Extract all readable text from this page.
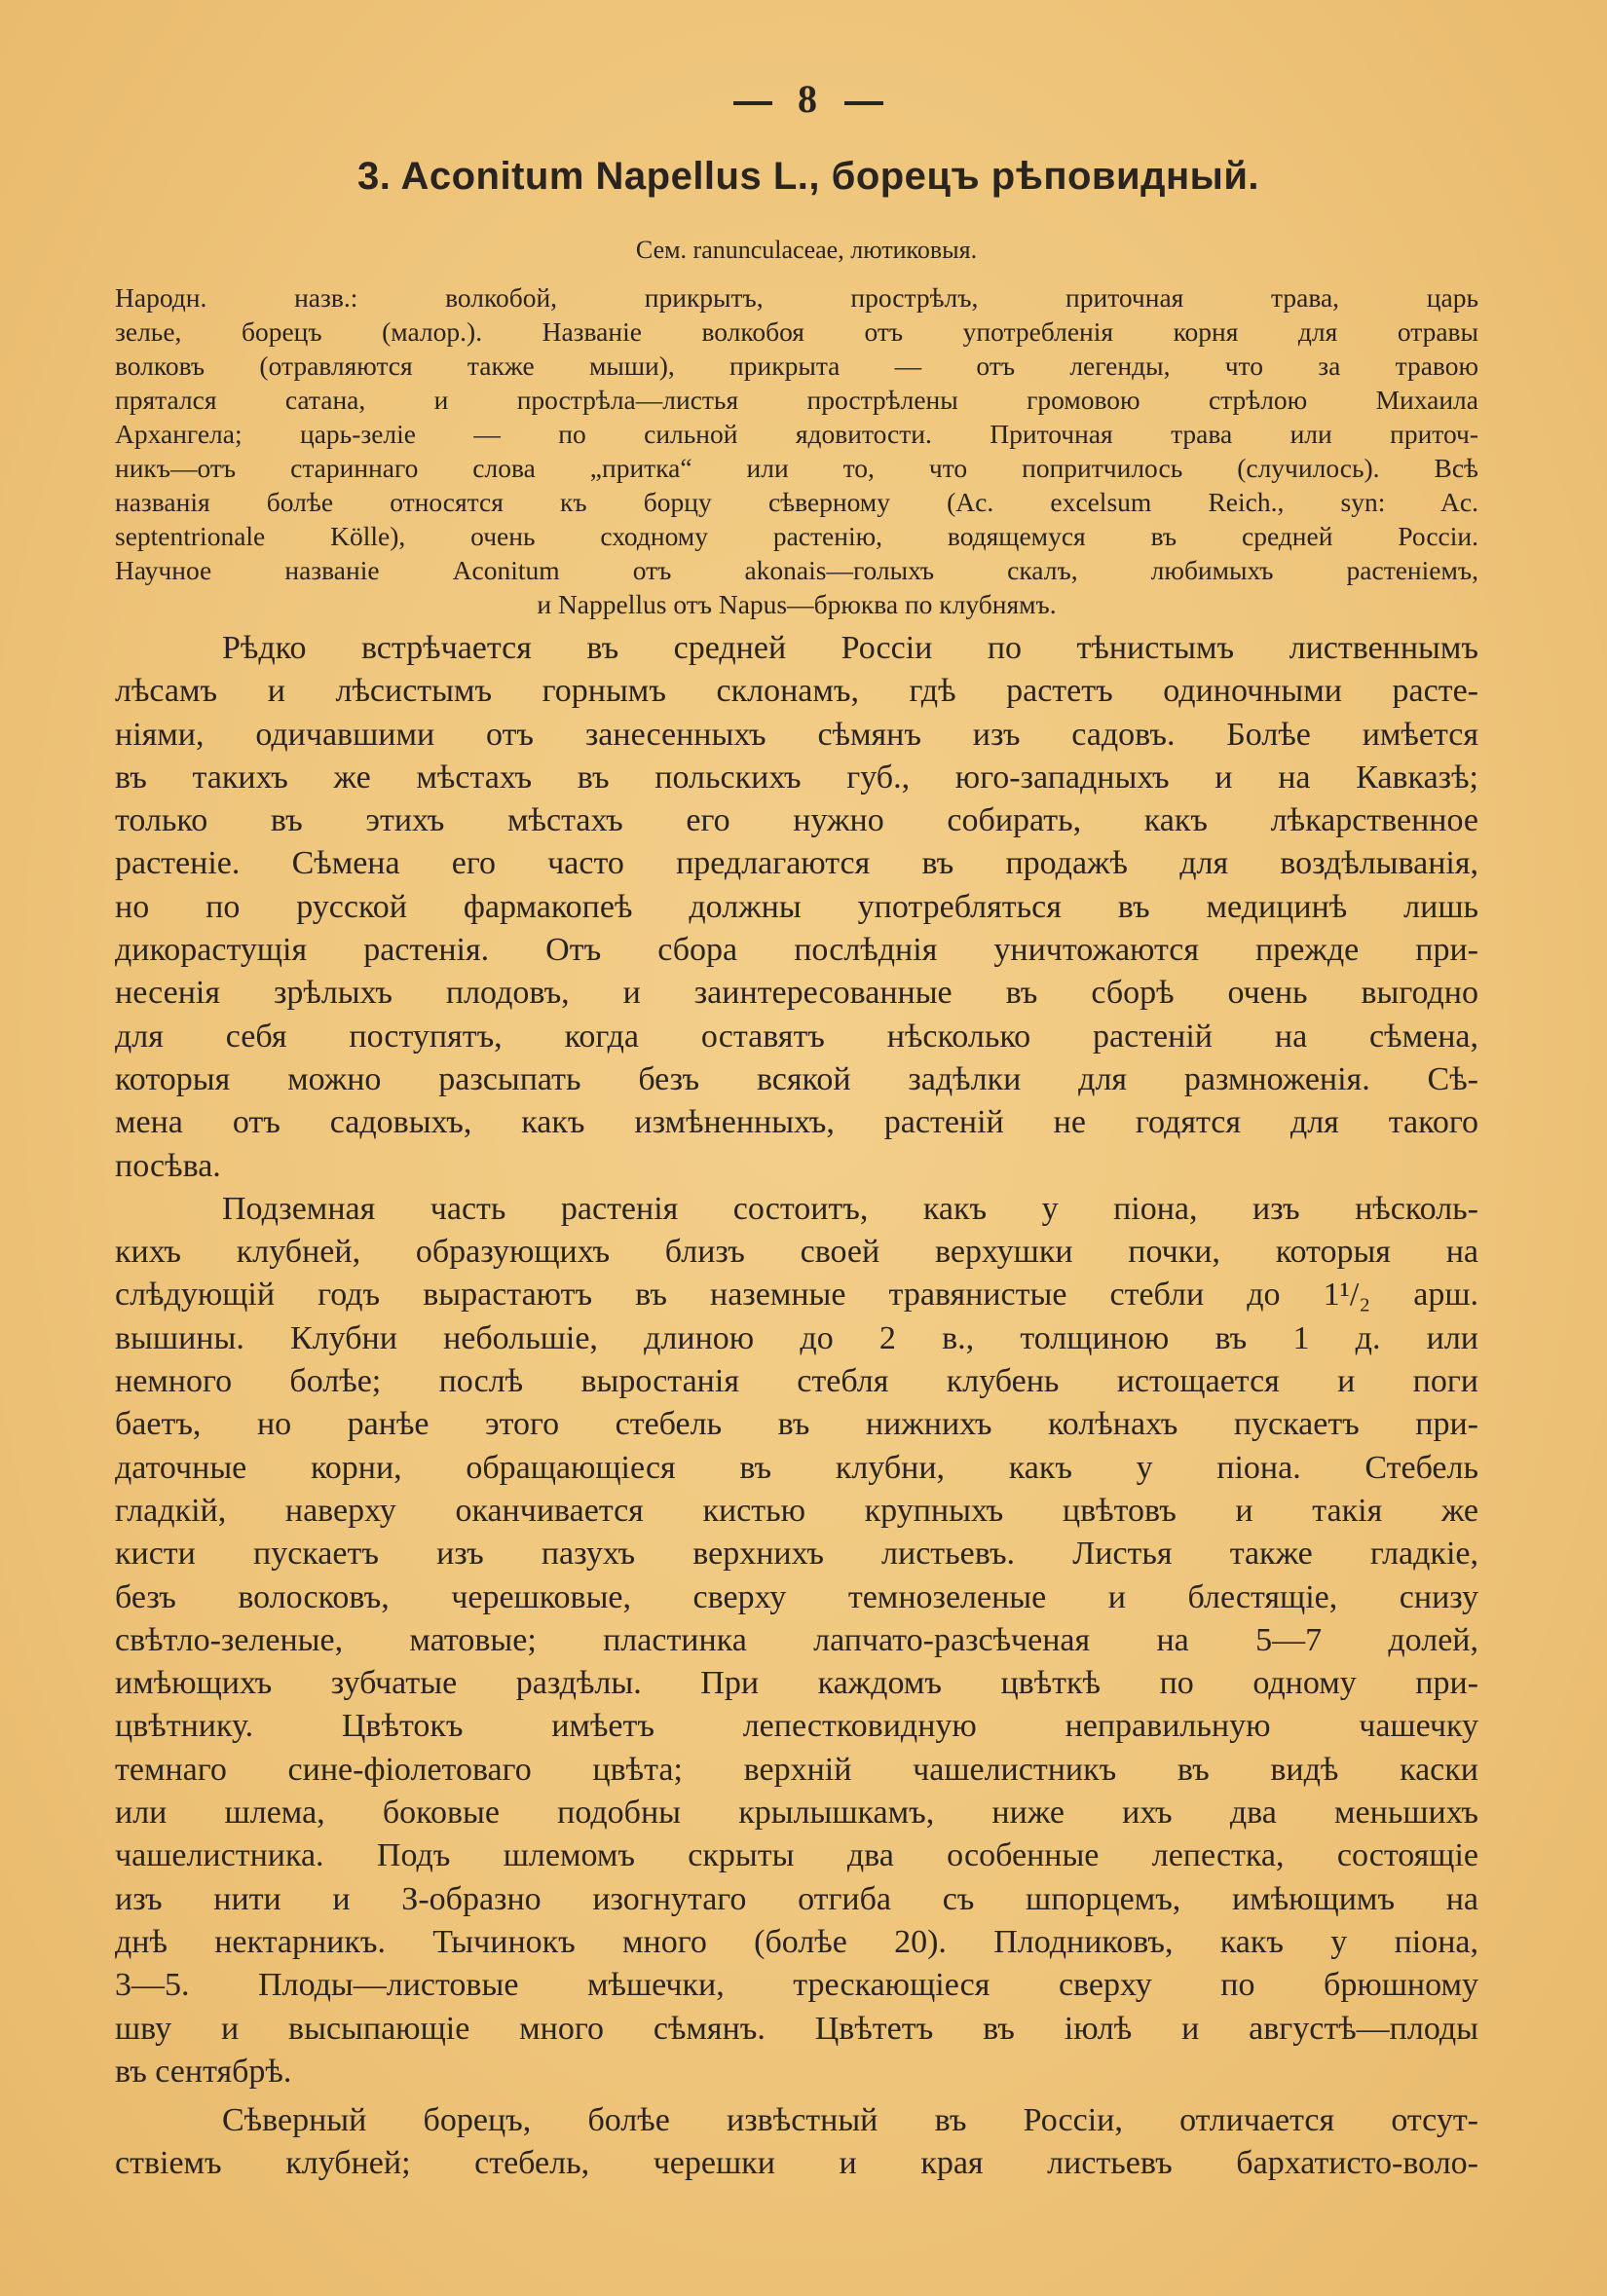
8
3. Aconitum Napellus L., борецъ рѣповидный.
Сем. ranunculaceae, лютиковыя.
Народн. назв.: волкобой, прикрытъ, прострѣлъ, приточная трава, царь
зелье, борецъ (малор.). Названіе волкобоя отъ употребленія корня для отравы
волковъ (отравляются также мыши), прикрыта — отъ легенды, что за травою
прятался сатана, и прострѣла—листья прострѣлены громовою стрѣлою Михаила
Архангела; царь-зеліе — по сильной ядовитости. Приточная трава или приточ-
никъ—отъ стариннаго слова „притка“ или то, что попритчилось (случилось). Всѣ
названія болѣе относятся къ борцу сѣверному (Ac. excelsum Reich., syn: Ac.
septentrionale Kölle), очень сходному растенію, водящемуся въ средней Россіи.
Научное названіе Aconitum отъ akonais—голыхъ скалъ, любимыхъ растеніемъ,
и Nappellus отъ Napus—брюква по клубнямъ.
Рѣдко встрѣчается въ средней Россіи по тѣнистымъ лиственнымъ
лѣсамъ и лѣсистымъ горнымъ склонамъ, гдѣ растетъ одиночными расте-
ніями, одичавшими отъ занесенныхъ сѣмянъ изъ садовъ. Болѣе имѣется
въ такихъ же мѣстахъ въ польскихъ губ., юго-западныхъ и на Кавказѣ;
только въ этихъ мѣстахъ его нужно собирать, какъ лѣкарственное
растеніе. Сѣмена его часто предлагаются въ продажѣ для воздѣлыванія,
но по русской фармакопеѣ должны употребляться въ медицинѣ лишь
дикорастущія растенія. Отъ сбора послѣднія уничтожаются прежде при-
несенія зрѣлыхъ плодовъ, и заинтересованные въ сборѣ очень выгодно
для себя поступятъ, когда оставятъ нѣсколько растеній на сѣмена,
которыя можно разсыпать безъ всякой задѣлки для размноженія. Сѣ-
мена отъ садовыхъ, какъ измѣненныхъ, растеній не годятся для такого
посѣва.
Подземная часть растенія состоитъ, какъ у піона, изъ нѣсколь-
кихъ клубней, образующихъ близъ своей верхушки почки, которыя на
слѣдующій годъ вырастаютъ въ наземные травянистые стебли до 1¹/₂ арш.
вышины. Клубни небольшіе, длиною до 2 в., толщиною въ 1 д. или
немного болѣе; послѣ выростанія стебля клубень истощается и поги
баетъ, но ранѣе этого стебель въ нижнихъ колѣнахъ пускаетъ при-
даточные корни, обращающіеся въ клубни, какъ у піона. Стебель
гладкій, наверху оканчивается кистью крупныхъ цвѣтовъ и такія же
кисти пускаетъ изъ пазухъ верхнихъ листьевъ. Листья также гладкіе,
безъ волосковъ, черешковые, сверху темнозеленые и блестящіе, снизу
свѣтло-зеленые, матовые; пластинка лапчато-разсѣченая на 5—7 долей,
имѣющихъ зубчатые раздѣлы. При каждомъ цвѣткѣ по одному при-
цвѣтнику. Цвѣтокъ имѣетъ лепестковидную неправильную чашечку
темнаго сине-фіолетоваго цвѣта; верхній чашелистникъ въ видѣ каски
или шлема, боковые подобны крылышкамъ, ниже ихъ два меньшихъ
чашелистника. Подъ шлемомъ скрыты два особенные лепестка, состоящіе
изъ нити и З-образно изогнутаго отгиба съ шпорцемъ, имѣющимъ на
днѣ нектарникъ. Тычинокъ много (болѣе 20). Плодниковъ, какъ у піона,
3—5. Плоды—листовые мѣшечки, трескающіеся сверху по брюшному
шву и высыпающіе много сѣмянъ. Цвѣтетъ въ іюлѣ и августѣ—плоды
въ сентябрѣ.
Сѣверный борецъ, болѣе извѣстный въ Россіи, отличается отсут-
ствіемъ клубней; стебель, черешки и края листьевъ бархатисто-воло-
